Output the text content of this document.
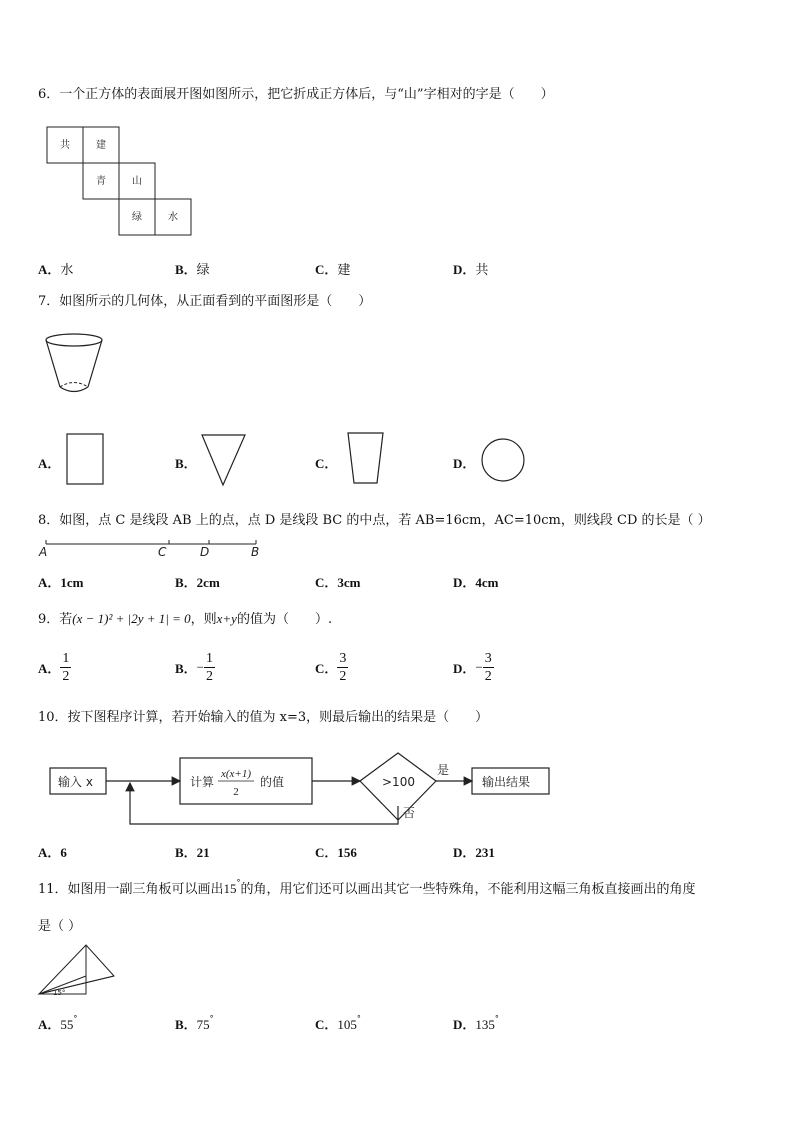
6．一个正方体的表面展开图如图所示，把它折成正方体后，与“山”字相对的字是（　　）
共	建
青	山
绿	水
A．水	B．绿	C．建	D．共
7．如图所示的几何体，从正面看到的平面图形是（　　）
A．	B．	C．	D．
8．如图，点 C 是线段 AB 上的点，点 D 是线段 BC 的中点，若 AB=16cm，AC=10cm，则线段 CD 的长是（ ）
A	C	D	B
A．1cm	B．2cm	C．3cm	D．4cm
9．若(x − 1)² + |2y + 1| = 0，则x+y的值为（　　）.
A． $\frac{1}{2}$	B．− $\frac{1}{2}$	C． $\frac{3}{2}$	D．− $\frac{3}{2}$
10．按下图程序计算，若开始输入的值为 x=3，则最后输出的结果是（　　）
输入 x	计算
x(x+1)
2
的值	>100
是
否
输出结果
A．6	B．21	C．156	D．231
11．如图用一副三角板可以画出15°的角，用它们还可以画出其它一些特殊角，不能利用这幅三角板直接画出的角度
是（ ）
15°
A．55°	B．75°	C．105°	D．135°
